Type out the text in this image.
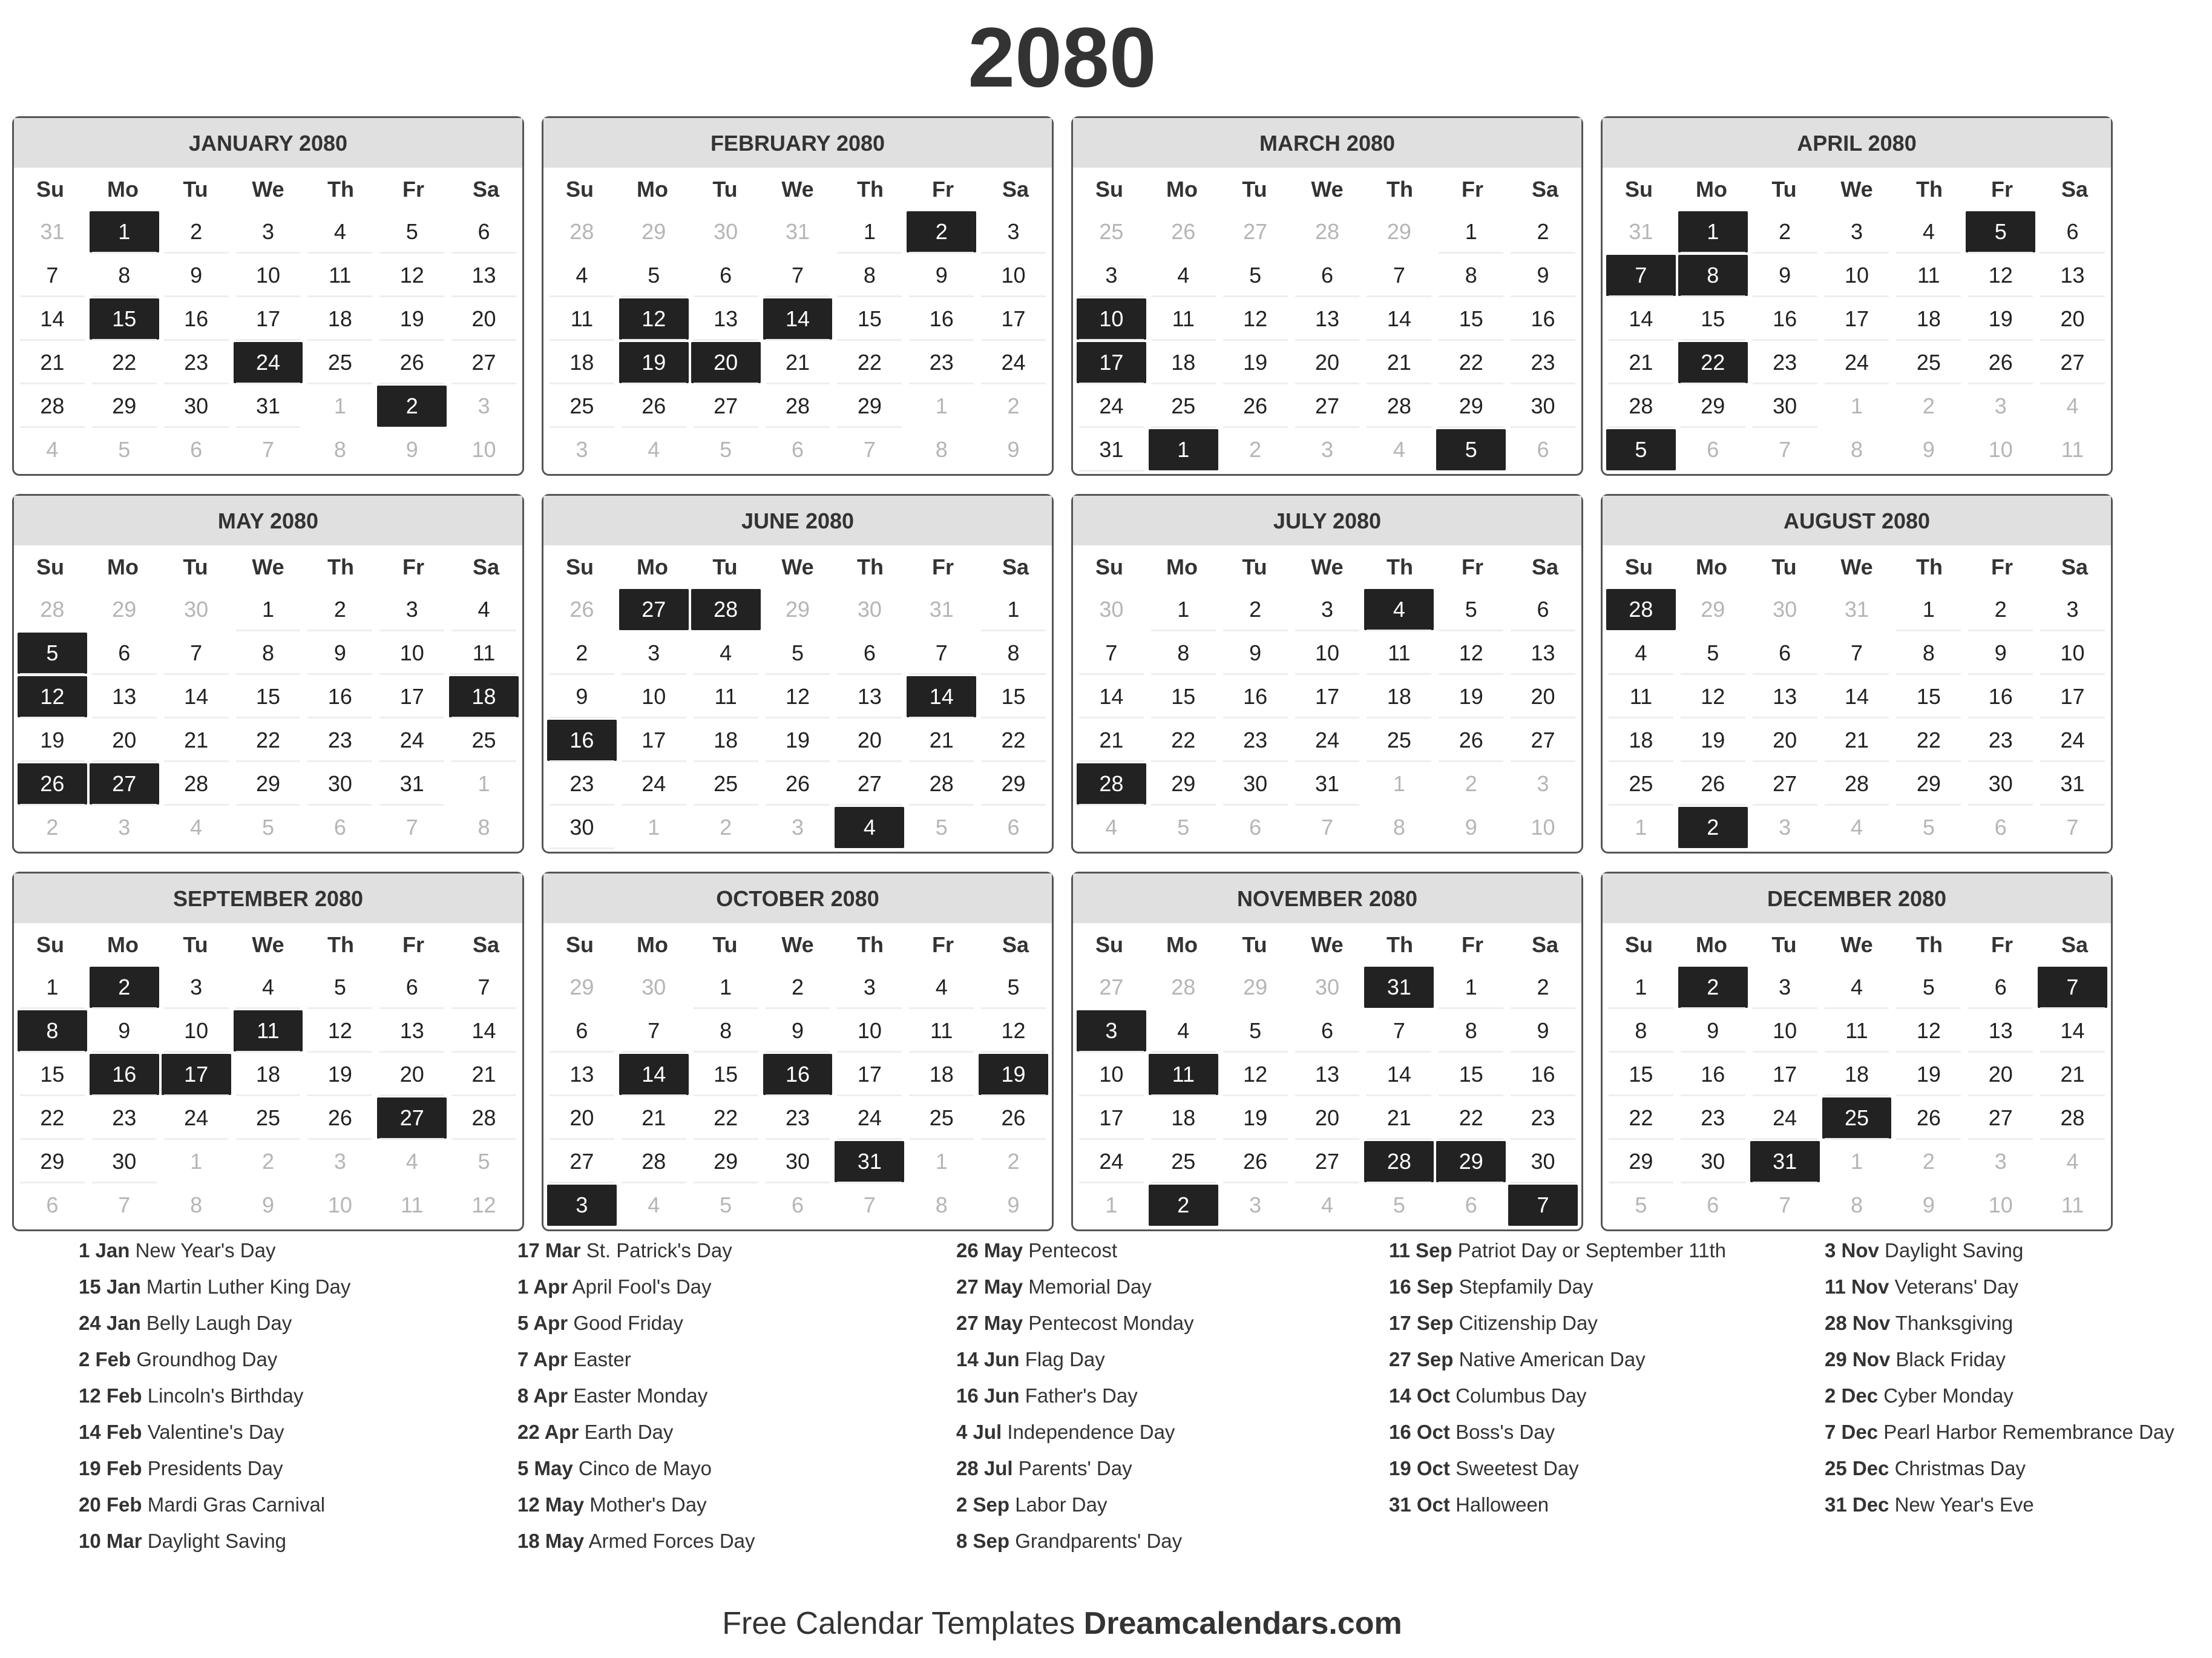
2080
JANUARY 2080
Su	Mo	Tu	We	Th	Fr	Sa
31	1	2	3	4	5	6
7	8	9	10	11	12	13
14	15	16	17	18	19	20
21	22	23	24	25	26	27
28	29	30	31	1	2	3
4	5	6	7	8	9	10
FEBRUARY 2080
Su	Mo	Tu	We	Th	Fr	Sa
28	29	30	31	1	2	3
4	5	6	7	8	9	10
11	12	13	14	15	16	17
18	19	20	21	22	23	24
25	26	27	28	29	1	2
3	4	5	6	7	8	9
MARCH 2080
Su	Mo	Tu	We	Th	Fr	Sa
25	26	27	28	29	1	2
3	4	5	6	7	8	9
10	11	12	13	14	15	16
17	18	19	20	21	22	23
24	25	26	27	28	29	30
31	1	2	3	4	5	6
APRIL 2080
Su	Mo	Tu	We	Th	Fr	Sa
31	1	2	3	4	5	6
7	8	9	10	11	12	13
14	15	16	17	18	19	20
21	22	23	24	25	26	27
28	29	30	1	2	3	4
5	6	7	8	9	10	11
MAY 2080
Su	Mo	Tu	We	Th	Fr	Sa
28	29	30	1	2	3	4
5	6	7	8	9	10	11
12	13	14	15	16	17	18
19	20	21	22	23	24	25
26	27	28	29	30	31	1
2	3	4	5	6	7	8
JUNE 2080
Su	Mo	Tu	We	Th	Fr	Sa
26	27	28	29	30	31	1
2	3	4	5	6	7	8
9	10	11	12	13	14	15
16	17	18	19	20	21	22
23	24	25	26	27	28	29
30	1	2	3	4	5	6
JULY 2080
Su	Mo	Tu	We	Th	Fr	Sa
30	1	2	3	4	5	6
7	8	9	10	11	12	13
14	15	16	17	18	19	20
21	22	23	24	25	26	27
28	29	30	31	1	2	3
4	5	6	7	8	9	10
AUGUST 2080
Su	Mo	Tu	We	Th	Fr	Sa
28	29	30	31	1	2	3
4	5	6	7	8	9	10
11	12	13	14	15	16	17
18	19	20	21	22	23	24
25	26	27	28	29	30	31
1	2	3	4	5	6	7
SEPTEMBER 2080
Su	Mo	Tu	We	Th	Fr	Sa
1	2	3	4	5	6	7
8	9	10	11	12	13	14
15	16	17	18	19	20	21
22	23	24	25	26	27	28
29	30	1	2	3	4	5
6	7	8	9	10	11	12
OCTOBER 2080
Su	Mo	Tu	We	Th	Fr	Sa
29	30	1	2	3	4	5
6	7	8	9	10	11	12
13	14	15	16	17	18	19
20	21	22	23	24	25	26
27	28	29	30	31	1	2
3	4	5	6	7	8	9
NOVEMBER 2080
Su	Mo	Tu	We	Th	Fr	Sa
27	28	29	30	31	1	2
3	4	5	6	7	8	9
10	11	12	13	14	15	16
17	18	19	20	21	22	23
24	25	26	27	28	29	30
1	2	3	4	5	6	7
DECEMBER 2080
Su	Mo	Tu	We	Th	Fr	Sa
1	2	3	4	5	6	7
8	9	10	11	12	13	14
15	16	17	18	19	20	21
22	23	24	25	26	27	28
29	30	31	1	2	3	4
5	6	7	8	9	10	11
1 Jan New Year's Day
15 Jan Martin Luther King Day
24 Jan Belly Laugh Day
2 Feb Groundhog Day
12 Feb Lincoln's Birthday
14 Feb Valentine's Day
19 Feb Presidents Day
20 Feb Mardi Gras Carnival
10 Mar Daylight Saving
17 Mar St. Patrick's Day
1 Apr April Fool's Day
5 Apr Good Friday
7 Apr Easter
8 Apr Easter Monday
22 Apr Earth Day
5 May Cinco de Mayo
12 May Mother's Day
18 May Armed Forces Day
26 May Pentecost
27 May Memorial Day
27 May Pentecost Monday
14 Jun Flag Day
16 Jun Father's Day
4 Jul Independence Day
28 Jul Parents' Day
2 Sep Labor Day
8 Sep Grandparents' Day
11 Sep Patriot Day or September 11th
16 Sep Stepfamily Day
17 Sep Citizenship Day
27 Sep Native American Day
14 Oct Columbus Day
16 Oct Boss's Day
19 Oct Sweetest Day
31 Oct Halloween
3 Nov Daylight Saving
11 Nov Veterans' Day
28 Nov Thanksgiving
29 Nov Black Friday
2 Dec Cyber Monday
7 Dec Pearl Harbor Remembrance Day
25 Dec Christmas Day
31 Dec New Year's Eve
Free Calendar Templates Dreamcalendars.com
